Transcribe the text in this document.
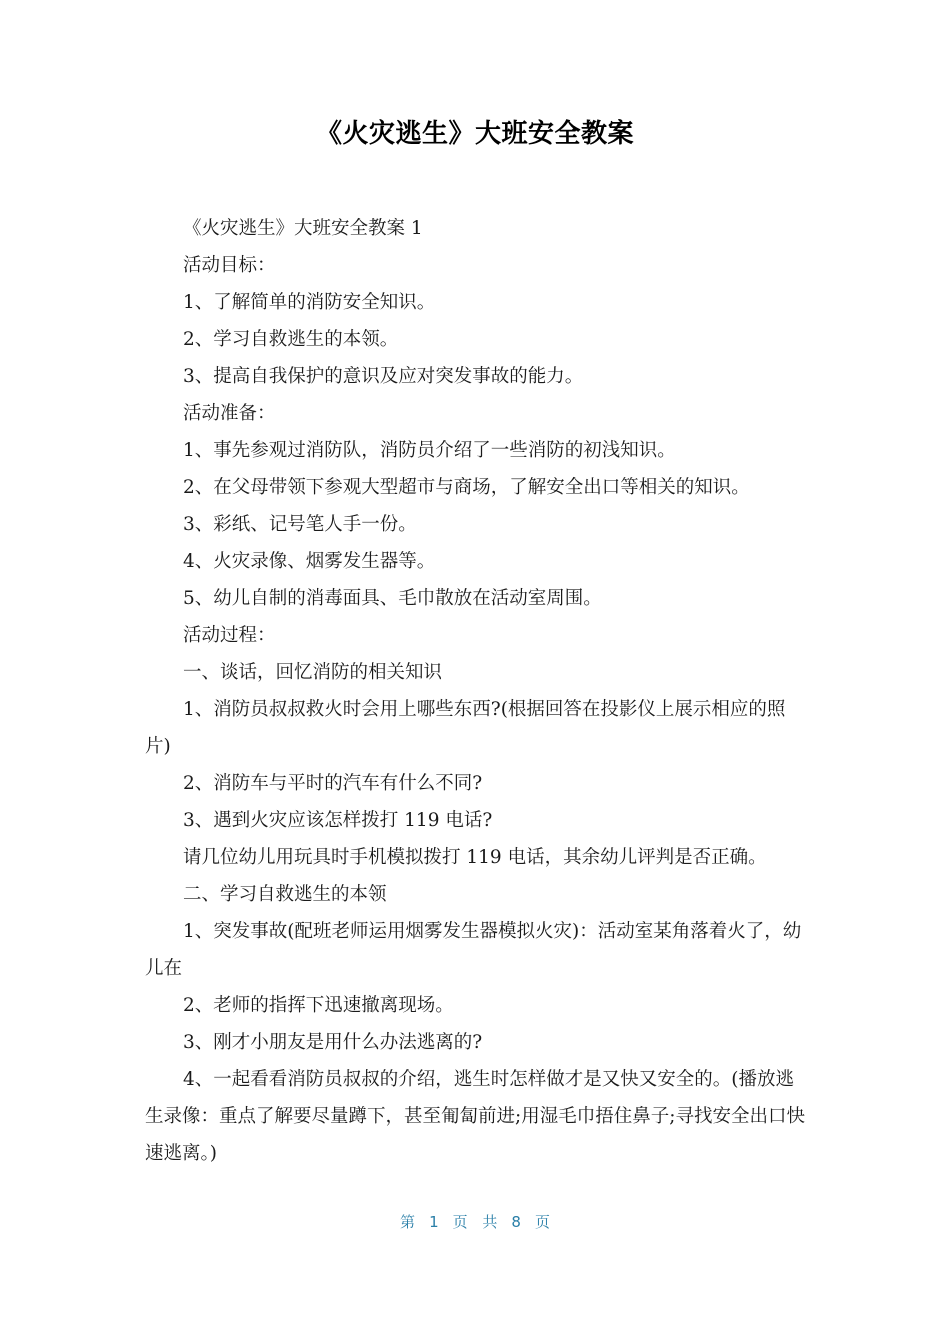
《火灾逃生》大班安全教案

《火灾逃生》大班安全教案 1

活动目标：

1、了解简单的消防安全知识。

2、学习自救逃生的本领。

3、提高自我保护的意识及应对突发事故的能力。

活动准备：

1、事先参观过消防队，消防员介绍了一些消防的初浅知识。

2、在父母带领下参观大型超市与商场，了解安全出口等相关的知识。

3、彩纸、记号笔人手一份。

4、火灾录像、烟雾发生器等。

5、幼儿自制的消毒面具、毛巾散放在活动室周围。

活动过程：

一、谈话，回忆消防的相关知识

1、消防员叔叔救火时会用上哪些东西?(根据回答在投影仪上展示相应的照片)

2、消防车与平时的汽车有什么不同?

3、遇到火灾应该怎样拨打 119 电话?

请几位幼儿用玩具时手机模拟拨打 119 电话，其余幼儿评判是否正确。

二、学习自救逃生的本领

1、突发事故(配班老师运用烟雾发生器模拟火灾)：活动室某角落着火了，幼儿在

2、老师的指挥下迅速撤离现场。

3、刚才小朋友是用什么办法逃离的?

4、一起看看消防员叔叔的介绍，逃生时怎样做才是又快又安全的。(播放逃生录像：重点了解要尽量蹲下，甚至匍匐前进;用湿毛巾捂住鼻子;寻找安全出口快速逃离。)

第 1 页 共 8 页
